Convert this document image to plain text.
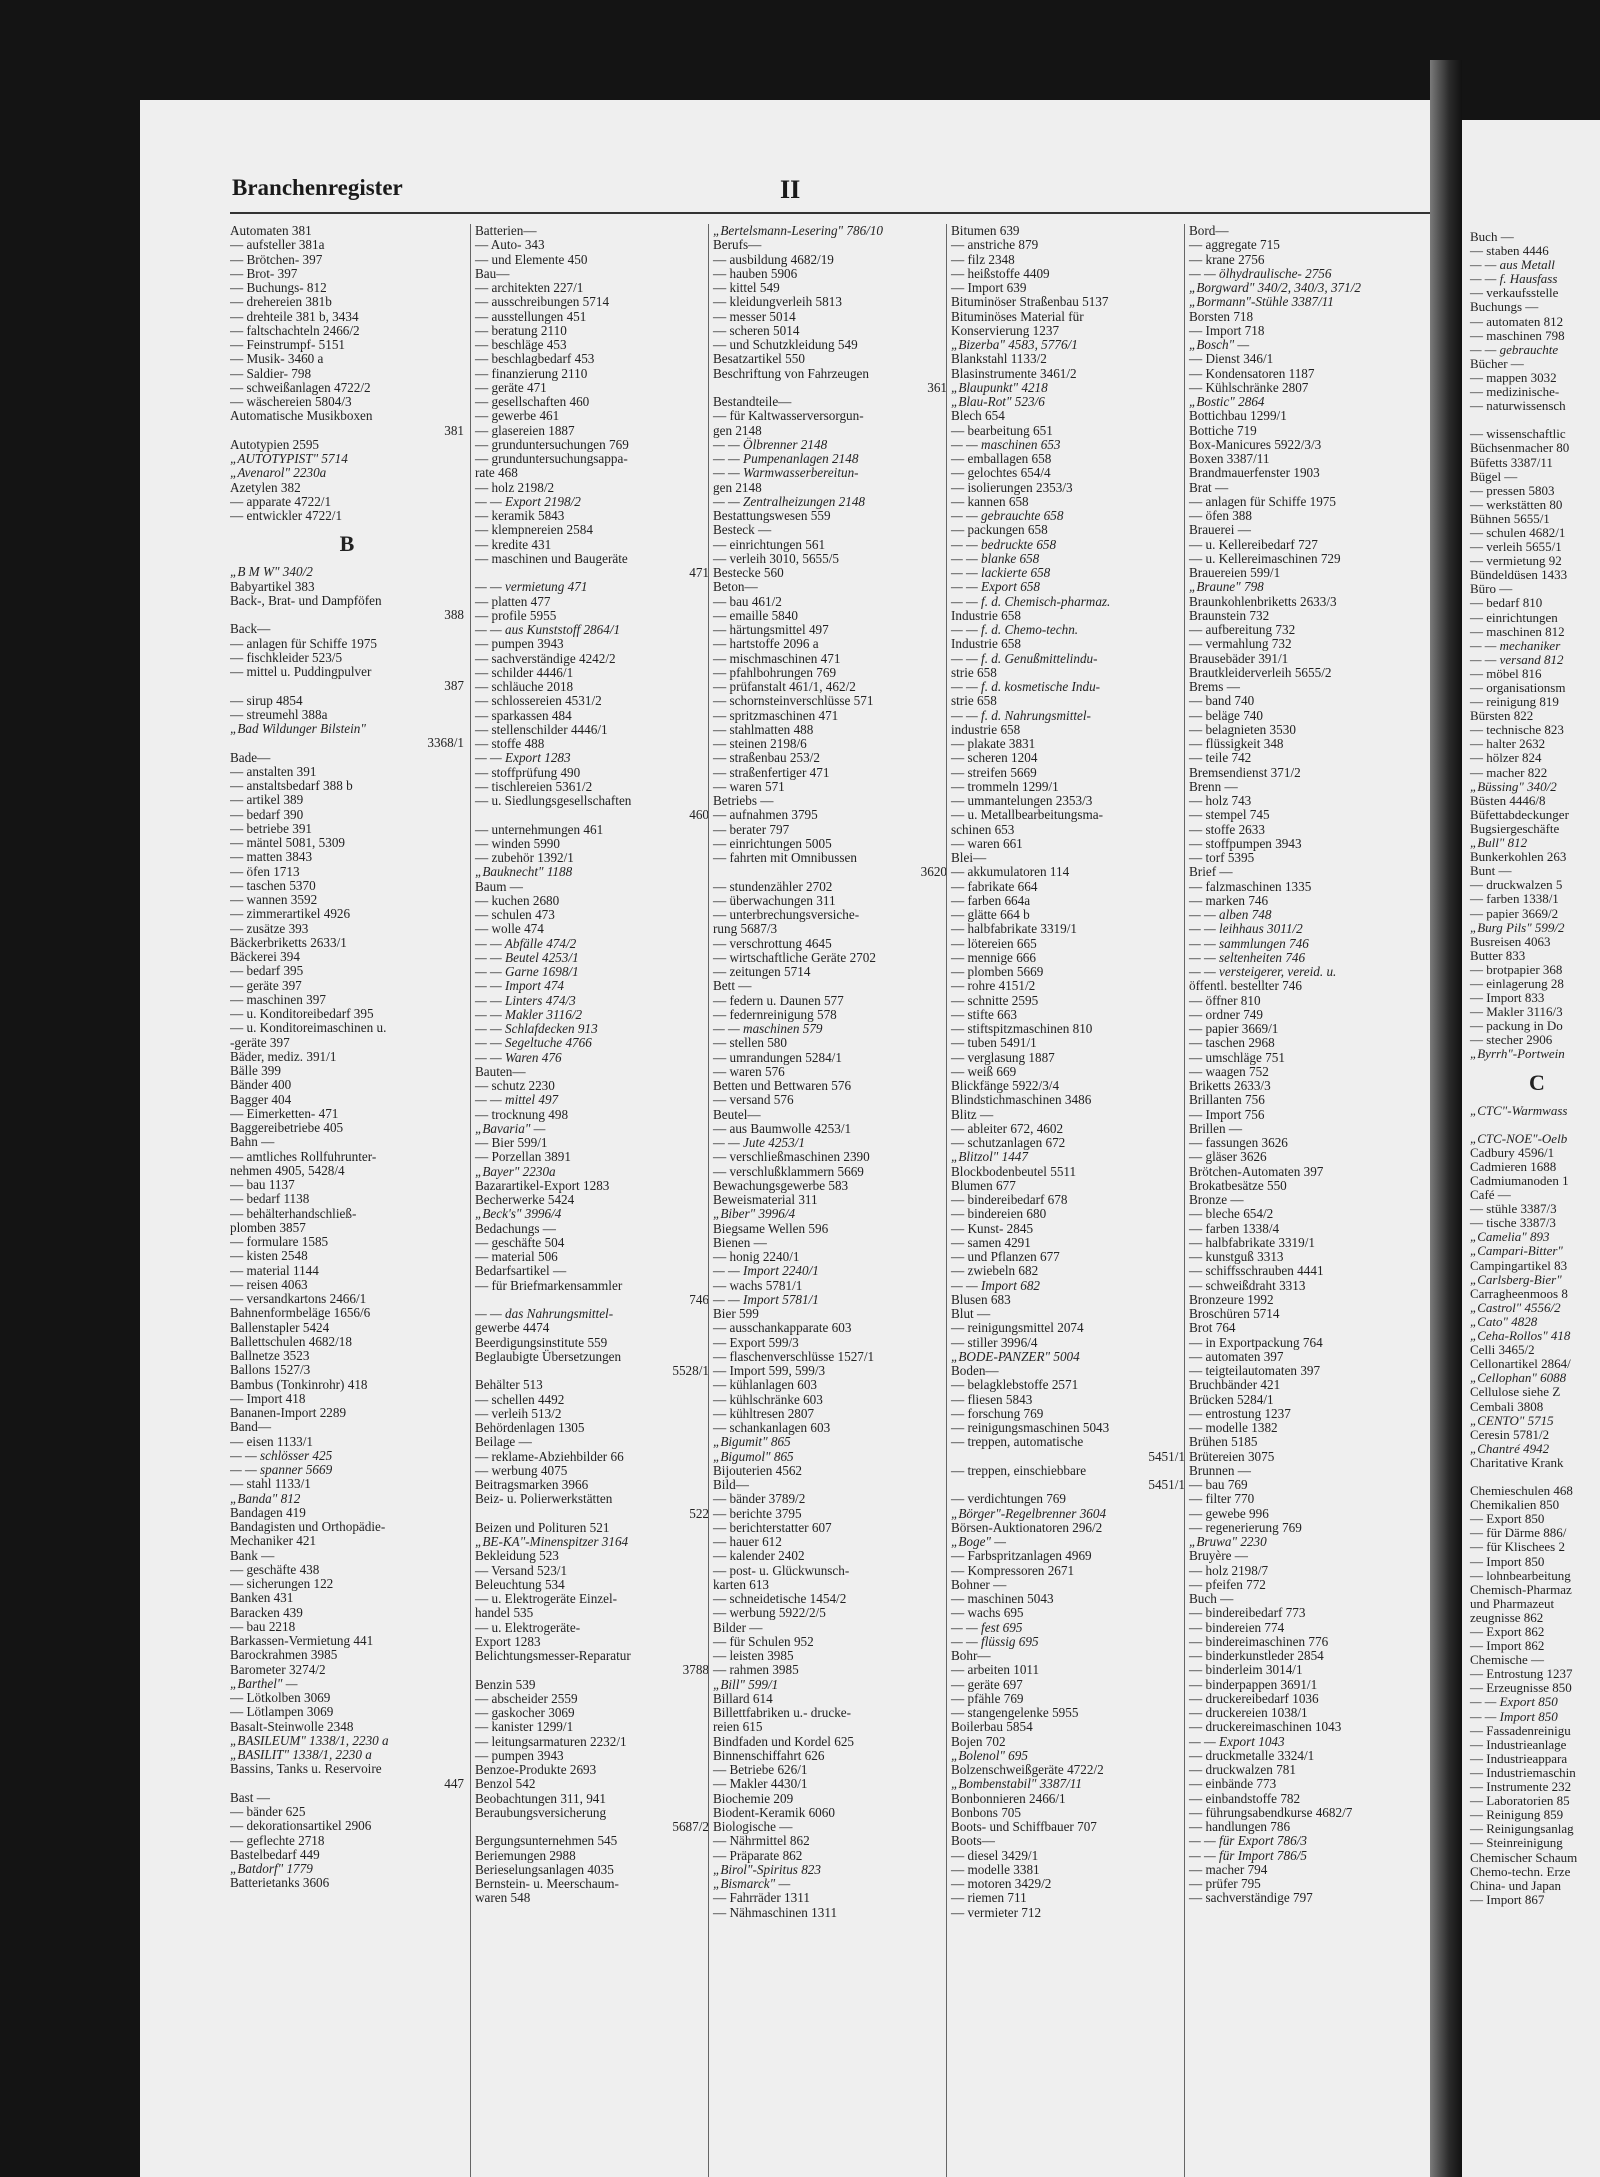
Branchenregister	II
Automaten 381
— aufsteller 381a
— Brötchen- 397
— Brot- 397
— Buchungs- 812
— drehereien 381b
— drehteile 381 b, 3434
— faltschachteln 2466/2
— Feinstrumpf- 5151
— Musik- 3460 a
— Saldier- 798
— schweißanlagen 4722/2
— wäschereien 5804/3
Automatische Musikboxen
381
Autotypien 2595
„AUTOTYPIST" 5714
„Avenarol" 2230a
Azetylen 382
— apparate 4722/1
— entwickler 4722/1
B
„B M W" 340/2
Babyartikel 383
Back-, Brat- und Dampföfen
388
Back—
— anlagen für Schiffe 1975
— fischkleider 523/5
— mittel u. Puddingpulver
387
— sirup 4854
— streumehl 388a
„Bad Wildunger Bilstein"
3368/1
Bade—
— anstalten 391
— anstaltsbedarf 388 b
— artikel 389
— bedarf 390
— betriebe 391
— mäntel 5081, 5309
— matten 3843
— öfen 1713
— taschen 5370
— wannen 3592
— zimmerartikel 4926
— zusätze 393
Bäckerbriketts 2633/1
Bäckerei 394
— bedarf 395
— geräte 397
— maschinen 397
— u. Konditoreibedarf 395
— u. Konditoreimaschinen u.
-geräte 397
Bäder, mediz. 391/1
Bälle 399
Bänder 400
Bagger 404
— Eimerketten- 471
Baggereibetriebe 405
Bahn —
— amtliches Rollfuhrunter-
nehmen 4905, 5428/4
— bau 1137
— bedarf 1138
— behälterhandschließ-
plomben 3857
— formulare 1585
— kisten 2548
— material 1144
— reisen 4063
— versandkartons 2466/1
Bahnenformbeläge 1656/6
Ballenstapler 5424
Ballettschulen 4682/18
Ballnetze 3523
Ballons 1527/3
Bambus (Tonkinrohr) 418
— Import 418
Bananen-Import 2289
Band—
— eisen 1133/1
— — schlösser 425
— — spanner 5669
— stahl 1133/1
„Banda" 812
Bandagen 419
Bandagisten und Orthopädie-
Mechaniker 421
Bank —
— geschäfte 438
— sicherungen 122
Banken 431
Baracken 439
— bau 2218
Barkassen-Vermietung 441
Barockrahmen 3985
Barometer 3274/2
„Barthel" —
— Lötkolben 3069
— Lötlampen 3069
Basalt-Steinwolle 2348
„BASILEUM" 1338/1, 2230 a
„BASILIT" 1338/1, 2230 a
Bassins, Tanks u. Reservoire
447
Bast —
— bänder 625
— dekorationsartikel 2906
— geflechte 2718
Bastelbedarf 449
„Batdorf" 1779
Batterietanks 3606
Batterien—
— Auto- 343
— und Elemente 450
Bau—
— architekten 227/1
— ausschreibungen 5714
— ausstellungen 451
— beratung 2110
— beschläge 453
— beschlagbedarf 453
— finanzierung 2110
— geräte 471
— gesellschaften 460
— gewerbe 461
— glasereien 1887
— grunduntersuchungen 769
— grunduntersuchungsappa-
rate 468
— holz 2198/2
— — Export 2198/2
— keramik 5843
— klempnereien 2584
— kredite 431
— maschinen und Baugeräte
471
— — vermietung 471
— platten 477
— profile 5955
— — aus Kunststoff 2864/1
— pumpen 3943
— sachverständige 4242/2
— schilder 4446/1
— schläuche 2018
— schlossereien 4531/2
— sparkassen 484
— stellenschilder 4446/1
— stoffe 488
— — Export 1283
— stoffprüfung 490
— tischlereien 5361/2
— u. Siedlungsgesellschaften
460
— unternehmungen 461
— winden 5990
— zubehör 1392/1
„Bauknecht" 1188
Baum —
— kuchen 2680
— schulen 473
— wolle 474
— — Abfälle 474/2
— — Beutel 4253/1
— — Garne 1698/1
— — Import 474
— — Linters 474/3
— — Makler 3116/2
— — Schlafdecken 913
— — Segeltuche 4766
— — Waren 476
Bauten—
— schutz 2230
— — mittel 497
— trocknung 498
„Bavaria" —
— Bier 599/1
— Porzellan 3891
„Bayer" 2230a
Bazarartikel-Export 1283
Becherwerke 5424
„Beck's" 3996/4
Bedachungs —
— geschäfte 504
— material 506
Bedarfsartikel —
— für Briefmarkensammler
746
— — das Nahrungsmittel-
gewerbe 4474
Beerdigungsinstitute 559
Beglaubigte Übersetzungen
5528/1
Behälter 513
— schellen 4492
— verleih 513/2
Behördenlagen 1305
Beilage —
— reklame-Abziehbilder 66
— werbung 4075
Beitragsmarken 3966
Beiz- u. Polierwerkstätten
522
Beizen und Polituren 521
„BE-KA"-Minenspitzer 3164
Bekleidung 523
— Versand 523/1
Beleuchtung 534
— u. Elektrogeräte Einzel-
handel 535
— u. Elektrogeräte-
Export 1283
Belichtungsmesser-Reparatur
3788
Benzin 539
— abscheider 2559
— gaskocher 3069
— kanister 1299/1
— leitungsarmaturen 2232/1
— pumpen 3943
Benzoe-Produkte 2693
Benzol 542
Beobachtungen 311, 941
Beraubungsversicherung
5687/2
Bergungsunternehmen 545
Beriemungen 2988
Berieselungsanlagen 4035
Bernstein- u. Meerschaum-
waren 548
„Bertelsmann-Lesering" 786/10
Berufs—
— ausbildung 4682/19
— hauben 5906
— kittel 549
— kleidungverleih 5813
— messer 5014
— scheren 5014
— und Schutzkleidung 549
Besatzartikel 550
Beschriftung von Fahrzeugen
361
Bestandteile—
— für Kaltwasserversorgun-
gen 2148
— — Ölbrenner 2148
— — Pumpenanlagen 2148
— — Warmwasserbereitun-
gen 2148
— — Zentralheizungen 2148
Bestattungswesen 559
Besteck —
— einrichtungen 561
— verleih 3010, 5655/5
Bestecke 560
Beton—
— bau 461/2
— emaille 5840
— härtungsmittel 497
— hartstoffe 2096 a
— mischmaschinen 471
— pfahlbohrungen 769
— prüfanstalt 461/1, 462/2
— schornsteinverschlüsse 571
— spritzmaschinen 471
— stahlmatten 488
— steinen 2198/6
— straßenbau 253/2
— straßenfertiger 471
— waren 571
Betriebs —
— aufnahmen 3795
— berater 797
— einrichtungen 5005
— fahrten mit Omnibussen
3620
— stundenzähler 2702
— überwachungen 311
— unterbrechungsversiche-
rung 5687/3
— verschrottung 4645
— wirtschaftliche Geräte 2702
— zeitungen 5714
Bett —
— federn u. Daunen 577
— federnreinigung 578
— — maschinen 579
— stellen 580
— umrandungen 5284/1
— waren 576
Betten und Bettwaren 576
— versand 576
Beutel—
— aus Baumwolle 4253/1
— — Jute 4253/1
— verschließmaschinen 2390
— verschlußklammern 5669
Bewachungsgewerbe 583
Beweismaterial 311
„Biber" 3996/4
Biegsame Wellen 596
Bienen —
— honig 2240/1
— — Import 2240/1
— wachs 5781/1
— — Import 5781/1
Bier 599
— ausschankapparate 603
— Export 599/3
— flaschenverschlüsse 1527/1
— Import 599, 599/3
— kühlanlagen 603
— kühlschränke 603
— kühltresen 2807
— schankanlagen 603
„Bigumit" 865
„Bigumol" 865
Bijouterien 4562
Bild—
— bänder 3789/2
— berichte 3795
— berichterstatter 607
— hauer 612
— kalender 2402
— post- u. Glückwunsch-
karten 613
— schneidetische 1454/2
— werbung 5922/2/5
Bilder —
— für Schulen 952
— leisten 3985
— rahmen 3985
„Bill" 599/1
Billard 614
Billettfabriken u.- drucke-
reien 615
Bindfaden und Kordel 625
Binnenschiffahrt 626
— Betriebe 626/1
— Makler 4430/1
Biochemie 209
Biodent-Keramik 6060
Biologische —
— Nährmittel 862
— Präparate 862
„Birol"-Spiritus 823
„Bismarck" —
— Fahrräder 1311
— Nähmaschinen 1311
Bitumen 639
— anstriche 879
— filz 2348
— heißstoffe 4409
— Import 639
Bituminöser Straßenbau 5137
Bituminöses Material für
Konservierung 1237
„Bizerba" 4583, 5776/1
Blankstahl 1133/2
Blasinstrumente 3461/2
„Blaupunkt" 4218
„Blau-Rot" 523/6
Blech 654
— bearbeitung 651
— — maschinen 653
— emballagen 658
— gelochtes 654/4
— isolierungen 2353/3
— kannen 658
— — gebrauchte 658
— packungen 658
— — bedruckte 658
— — blanke 658
— — lackierte 658
— — Export 658
— — f. d. Chemisch-pharmaz.
Industrie 658
— — f. d. Chemo-techn.
Industrie 658
— — f. d. Genußmittelindu-
strie 658
— — f. d. kosmetische Indu-
strie 658
— — f. d. Nahrungsmittel-
industrie 658
— plakate 3831
— scheren 1204
— streifen 5669
— trommeln 1299/1
— ummantelungen 2353/3
— u. Metallbearbeitungsma-
schinen 653
— waren 661
Blei—
— akkumulatoren 114
— fabrikate 664
— farben 664a
— glätte 664 b
— halbfabrikate 3319/1
— lötereien 665
— mennige 666
— plomben 5669
— rohre 4151/2
— schnitte 2595
— stifte 663
— stiftspitzmaschinen 810
— tuben 5491/1
— verglasung 1887
— weiß 669
Blickfänge 5922/3/4
Blindstichmaschinen 3486
Blitz —
— ableiter 672, 4602
— schutzanlagen 672
„Blitzol" 1447
Blockbodenbeutel 5511
Blumen 677
— bindereibedarf 678
— bindereien 680
— Kunst- 2845
— samen 4291
— und Pflanzen 677
— zwiebeln 682
— — Import 682
Blusen 683
Blut —
— reinigungsmittel 2074
— stiller 3996/4
„BODE-PANZER" 5004
Boden—
— belagklebstoffe 2571
— fliesen 5843
— forschung 769
— reinigungsmaschinen 5043
— treppen, automatische
5451/1
— treppen, einschiebbare
5451/1
— verdichtungen 769
„Börger"-Regelbrenner 3604
Börsen-Auktionatoren 296/2
„Boge" —
— Farbspritzanlagen 4969
— Kompressoren 2671
Bohner —
— maschinen 5043
— wachs 695
— — fest 695
— — flüssig 695
Bohr—
— arbeiten 1011
— geräte 697
— pfähle 769
— stangengelenke 5955
Boilerbau 5854
Bojen 702
„Bolenol" 695
Bolzenschweißgeräte 4722/2
„Bombenstabil" 3387/11
Bonbonnieren 2466/1
Bonbons 705
Boots- und Schiffbauer 707
Boots—
— diesel 3429/1
— modelle 3381
— motoren 3429/2
— riemen 711
— vermieter 712
Bord—
— aggregate 715
— krane 2756
— — ölhydraulische- 2756
„Borgward" 340/2, 340/3, 371/2
„Bormann"-Stühle 3387/11
Borsten 718
— Import 718
„Bosch" —
— Dienst 346/1
— Kondensatoren 1187
— Kühlschränke 2807
„Bostic" 2864
Bottichbau 1299/1
Bottiche 719
Box-Manicures 5922/3/3
Boxen 3387/11
Brandmauerfenster 1903
Brat —
— anlagen für Schiffe 1975
— öfen 388
Brauerei —
— u. Kellereibedarf 727
— u. Kellereimaschinen 729
Brauereien 599/1
„Braune" 798
Braunkohlenbriketts 2633/3
Braunstein 732
— aufbereitung 732
— vermahlung 732
Brausebäder 391/1
Brautkleiderverleih 5655/2
Brems —
— band 740
— beläge 740
— belagnieten 3530
— flüssigkeit 348
— teile 742
Bremsendienst 371/2
Brenn —
— holz 743
— stempel 745
— stoffe 2633
— stoffpumpen 3943
— torf 5395
Brief —
— falzmaschinen 1335
— marken 746
— — alben 748
— — leihhaus 3011/2
— — sammlungen 746
— — seltenheiten 746
— — versteigerer, vereid. u.
öffentl. bestellter 746
— öffner 810
— ordner 749
— papier 3669/1
— taschen 2968
— umschläge 751
— waagen 752
Briketts 2633/3
Brillanten 756
— Import 756
Brillen —
— fassungen 3626
— gläser 3626
Brötchen-Automaten 397
Brokatbesätze 550
Bronze —
— bleche 654/2
— farben 1338/4
— halbfabrikate 3319/1
— kunstguß 3313
— schiffsschrauben 4441
— schweißdraht 3313
Bronzeure 1992
Broschüren 5714
Brot 764
— in Exportpackung 764
— automaten 397
— teigteilautomaten 397
Bruchbänder 421
Brücken 5284/1
— entrostung 1237
— modelle 1382
Brühen 5185
Brütereien 3075
Brunnen —
— bau 769
— filter 770
— gewebe 996
— regenerierung 769
„Bruwa" 2230
Bruyère —
— holz 2198/7
— pfeifen 772
Buch —
— bindereibedarf 773
— bindereien 774
— bindereimaschinen 776
— binderkunstleder 2854
— binderleim 3014/1
— binderpappen 3691/1
— druckereibedarf 1036
— druckereien 1038/1
— druckereimaschinen 1043
— — Export 1043
— druckmetalle 3324/1
— druckwalzen 781
— einbände 773
— einbandstoffe 782
— führungsabendkurse 4682/7
— handlungen 786
— — für Export 786/3
— — für Import 786/5
— macher 794
— prüfer 795
— sachverständige 797
Buch —
— staben 4446
— — aus Metall
— — f. Hausfass
— verkaufsstelle
Buchungs —
— automaten 812
— maschinen 798
— — gebrauchte
Bücher —
— mappen 3032
— medizinische-
— naturwissensch

— wissenschaftlic
Büchsenmacher 80
Büfetts 3387/11
Bügel —
— pressen 5803
— werkstätten 80
Bühnen 5655/1
— schulen 4682/1
— verleih 5655/1
— vermietung 92
Bündeldüsen 1433
Büro —
— bedarf 810
— einrichtungen
— maschinen 812
— — mechaniker
— — versand 812
— möbel 816
— organisationsm
— reinigung 819
Bürsten 822
— technische 823
— halter 2632
— hölzer 824
— macher 822
„Büssing" 340/2
Büsten 4446/8
Büfettabdeckunger
Bugsiergeschäfte
„Bull" 812
Bunkerkohlen 263
Bunt —
— druckwalzen 5
— farben 1338/1
— papier 3669/2
„Burg Pils" 599/2
Busreisen 4063
Butter 833
— brotpapier 368
— einlagerung 28
— Import 833
— Makler 3116/3
— packung in Do
— stecher 2906
„Byrrh"-Portwein
C
„CTC"-Warmwass

„CTC-NOE"-Oelb
Cadbury 4596/1
Cadmieren 1688
Cadmiumanoden 1
Café —
— stühle 3387/3
— tische 3387/3
„Camelia" 893
„Campari-Bitter"
Campingartikel 83
„Carlsberg-Bier"
Carragheenmoos 8
„Castrol" 4556/2
„Cato" 4828
„Ceha-Rollos" 418
Celli 3465/2
Cellonartikel 2864/
„Cellophan" 6088
Cellulose siehe Z
Cembali 3808
„CENTO" 5715
Ceresin 5781/2
„Chantré 4942
Charitative Krank

Chemieschulen 468
Chemikalien 850
— Export 850
— für Därme 886/
— für Klischees 2
— Import 850
— lohnbearbeitung
Chemisch-Pharmaz
und Pharmazeut
zeugnisse 862
— Export 862
— Import 862
Chemische —
— Entrostung 1237
— Erzeugnisse 850
— — Export 850
— — Import 850
— Fassadenreinigu
— Industrieanlage
— Industrieappara
— Industriemaschin
— Instrumente 232
— Laboratorien 85
— Reinigung 859
— Reinigungsanlag
— Steinreinigung
Chemischer Schaum
Chemo-techn. Erze
China- und Japan
— Import 867
